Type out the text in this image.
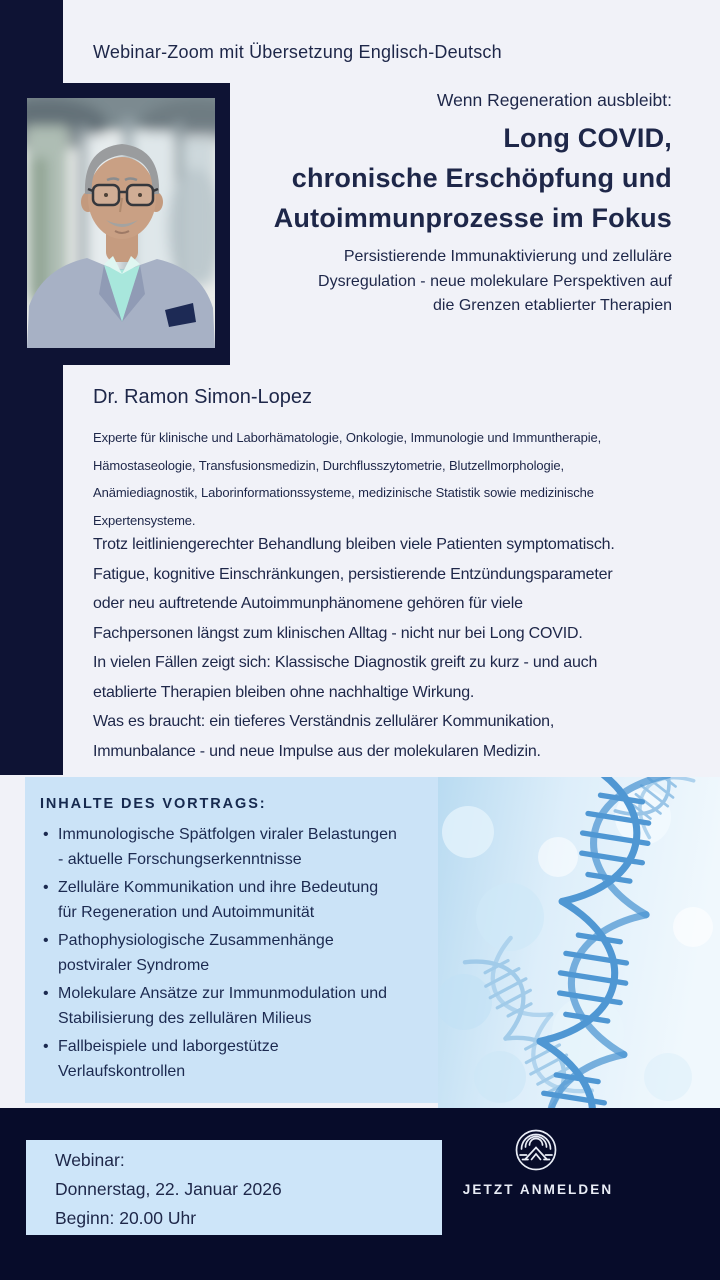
Webinar-Zoom mit Übersetzung Englisch-Deutsch
Wenn Regeneration ausbleibt:
Long COVID,
chronische Erschöpfung und
Autoimmunprozesse im Fokus
Persistierende Immunaktivierung und zelluläre
Dysregulation - neue molekulare Perspektiven auf
die Grenzen etablierter Therapien
Dr. Ramon Simon-Lopez
Experte für klinische und Laborhämatologie, Onkologie, Immunologie und Immuntherapie,
Hämostaseologie, Transfusionsmedizin, Durchflusszytometrie, Blutzellmorphologie,
Anämiediagnostik, Laborinformationssysteme, medizinische Statistik sowie medizinische
Expertensysteme.
Trotz leitliniengerechter Behandlung bleiben viele Patienten symptomatisch.
Fatigue, kognitive Einschränkungen, persistierende Entzündungsparameter
oder neu auftretende Autoimmunphänomene gehören für viele
Fachpersonen längst zum klinischen Alltag - nicht nur bei Long COVID.
In vielen Fällen zeigt sich: Klassische Diagnostik greift zu kurz - und auch
etablierte Therapien bleiben ohne nachhaltige Wirkung.
Was es braucht: ein tieferes Verständnis zellulärer Kommunikation,
Immunbalance - und neue Impulse aus der molekularen Medizin.
INHALTE DES VORTRAGS:
• Immunologische Spätfolgen viraler Belastungen
- aktuelle Forschungserkenntnisse
• Zelluläre Kommunikation und ihre Bedeutung
für Regeneration und Autoimmunität
• Pathophysiologische Zusammenhänge
postviraler Syndrome
• Molekulare Ansätze zur Immunmodulation und
Stabilisierung des zellulären Milieus
• Fallbeispiele und laborgestütze
Verlaufskontrollen
Webinar:
Donnerstag, 22. Januar 2026
Beginn: 20.00 Uhr
JETZT ANMELDEN
